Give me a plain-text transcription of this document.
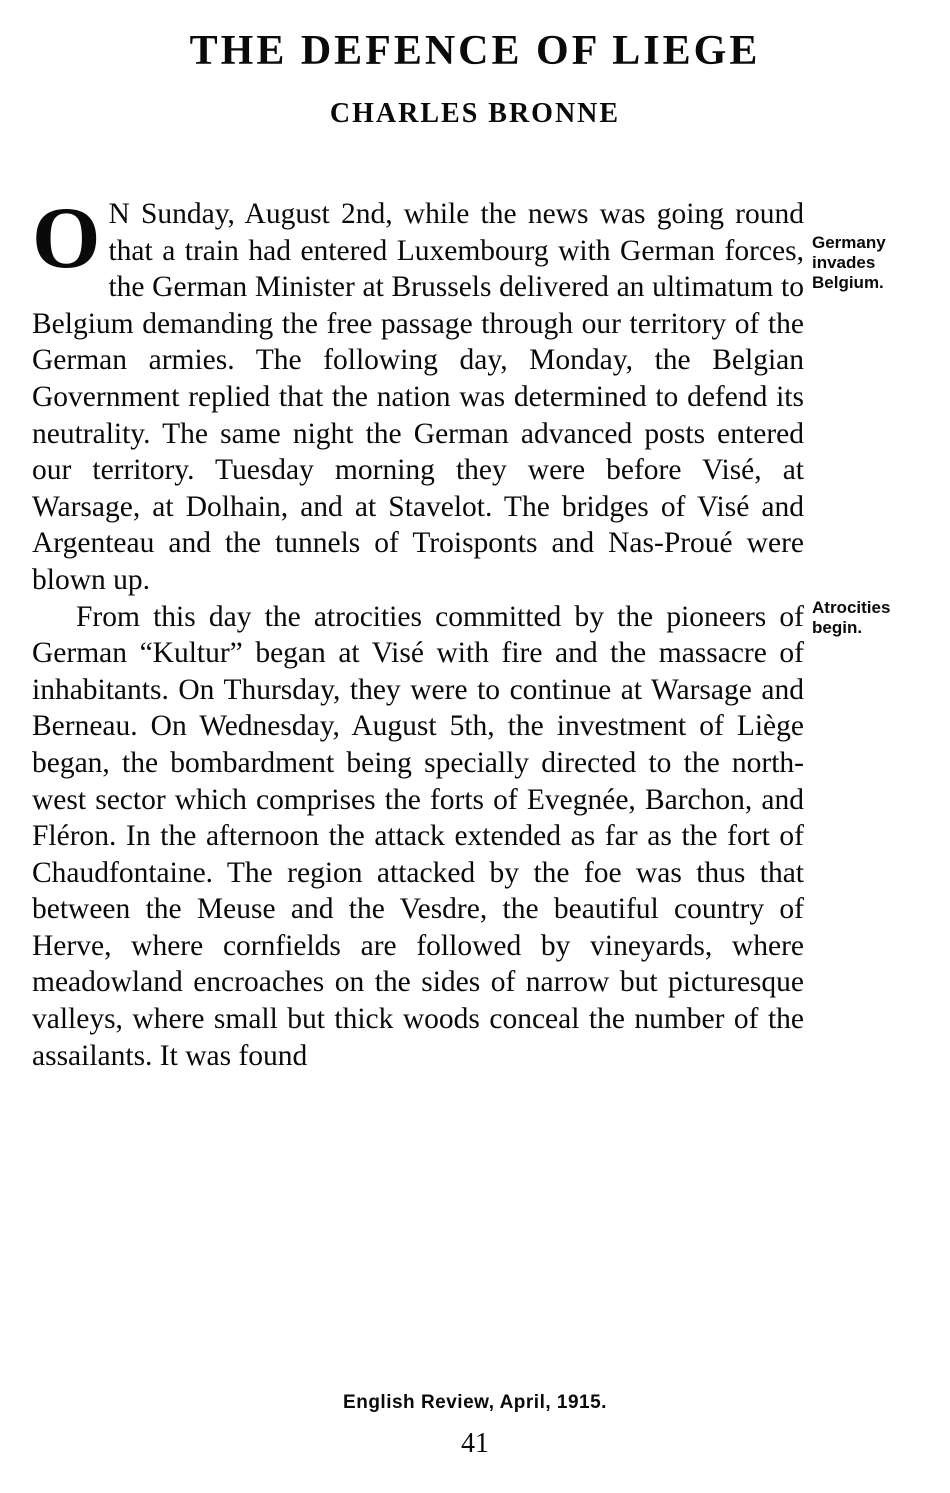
THE DEFENCE OF LIEGE
CHARLES BRONNE

O N Sunday, August 2nd, while the news was going round that a train had entered Luxembourg with German forces, the German Minister at Brussels delivered an ultimatum to Belgium demanding the free passage through our territory of the German armies. The following day, Monday, the Belgian Government replied that the nation was determined to defend its neutrality. The same night the German advanced posts entered our territory. Tuesday morning they were before Visé, at Warsage, at Dolhain, and at Stavelot. The bridges of Visé and Argenteau and the tunnels of Troisponts and Nas-Proué were blown up.

From this day the atrocities committed by the pioneers of German “Kultur” began at Visé with fire and the massacre of inhabitants. On Thursday, they were to continue at Warsage and Berneau. On Wednesday, August 5th, the investment of Liège began, the bombardment being specially directed to the north-west sector which comprises the forts of Evegnée, Barchon, and Fléron. In the afternoon the attack extended as far as the fort of Chaudfontaine. The region attacked by the foe was thus that between the Meuse and the Vesdre, the beautiful country of Herve, where cornfields are followed by vineyards, where meadowland encroaches on the sides of narrow but picturesque valleys, where small but thick woods conceal the number of the assailants. It was found

Germany invades Belgium.
Atrocities begin.
English Review, April, 1915.
41
